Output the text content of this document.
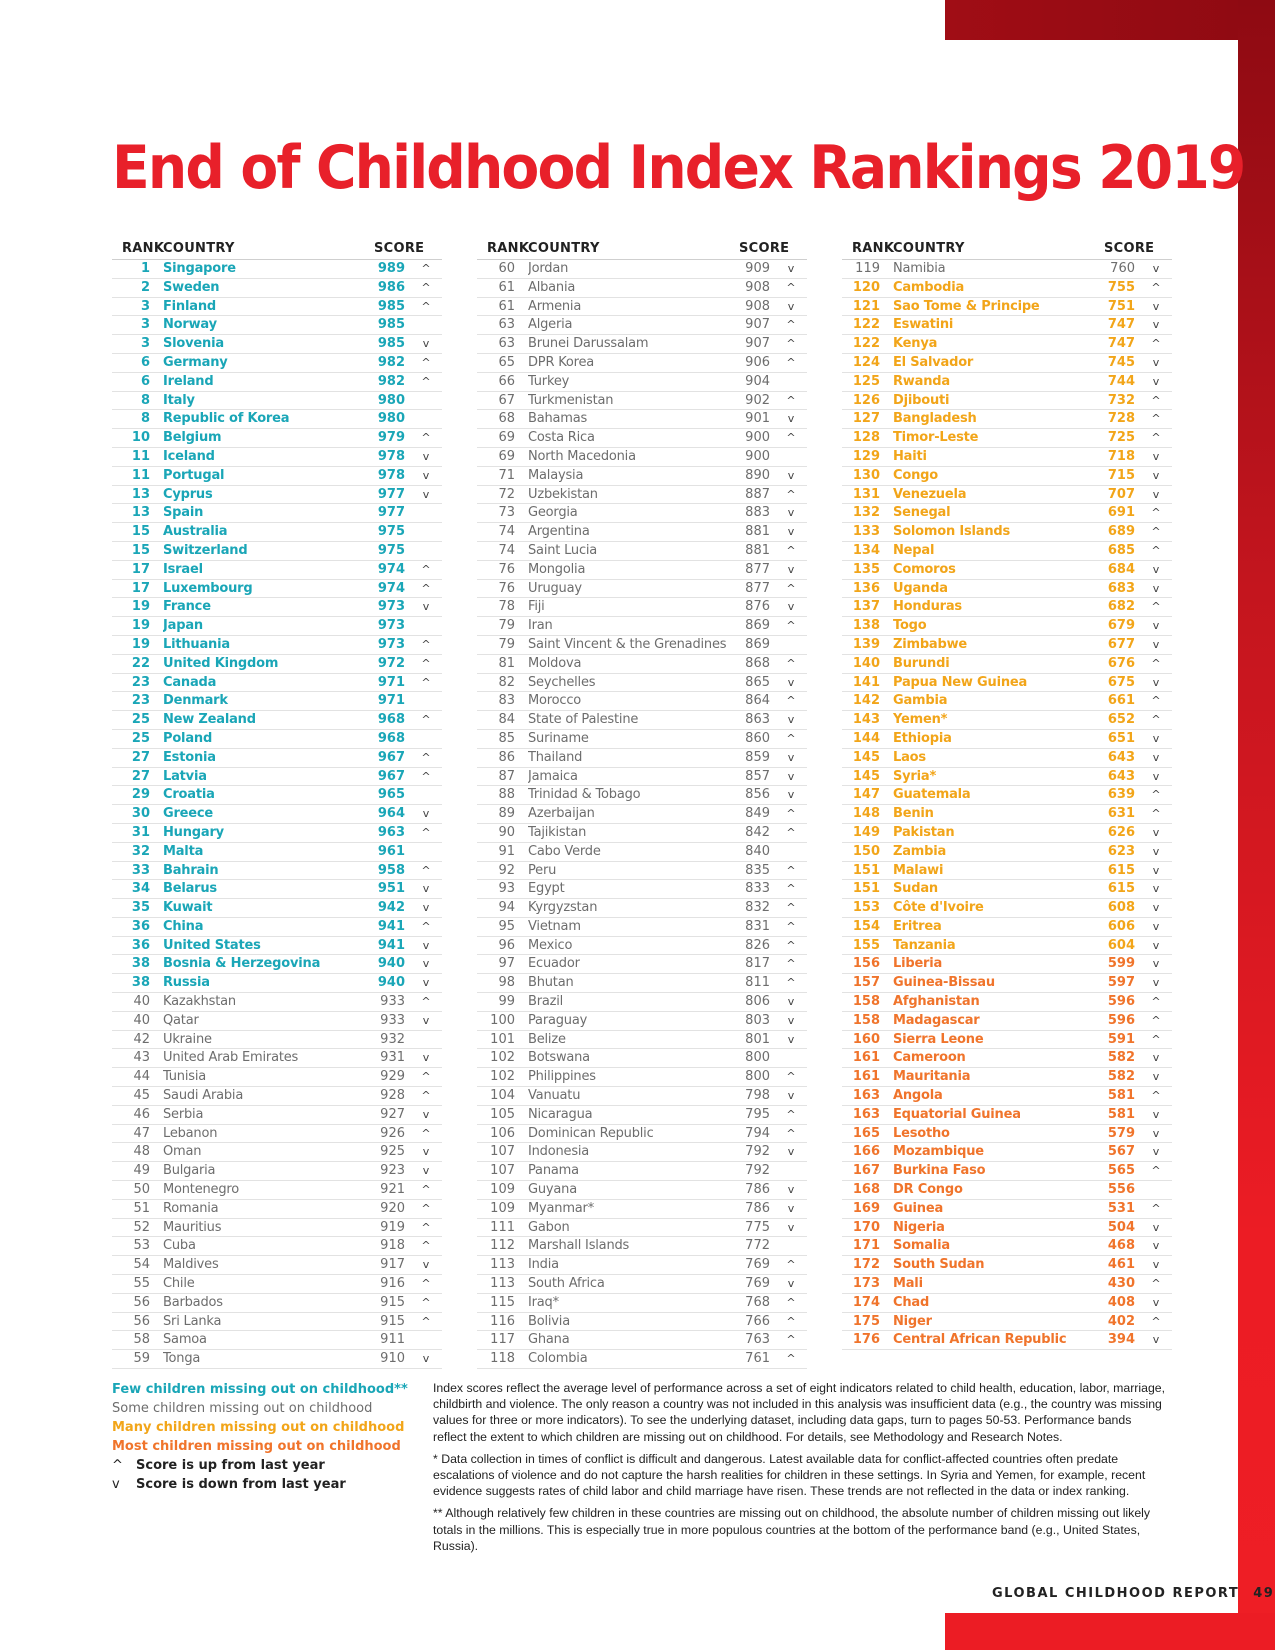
End of Childhood Index Rankings 2019
RANK
COUNTRY	SCORE
1 Singapore	989 ^
2 Sweden	986 ^
3 Finland	985 ^
3 Norway	985
3 Slovenia	985 v
6 Germany	982 ^
6 Ireland	982 ^
8 Italy	980
8 Republic of Korea	980
10 Belgium	979 ^
11 Iceland	978 v
11 Portugal	978 v
13 Cyprus	977 v
13 Spain	977
15 Australia	975
15 Switzerland	975
17 Israel	974 ^
17 Luxembourg	974 ^
19 France	973 v
19 Japan	973
19 Lithuania	973 ^
22 United Kingdom	972 ^
23 Canada	971 ^
23 Denmark	971
25 New Zealand	968 ^
25 Poland	968
27 Estonia	967 ^
27 Latvia	967 ^
29 Croatia	965
30 Greece	964 v
31 Hungary	963 ^
32 Malta	961
33 Bahrain	958 ^
34 Belarus	951 v
35 Kuwait	942 v
36 China	941 ^
36 United States	941 v
38 Bosnia & Herzegovina	940 v
38 Russia	940 v
40 Kazakhstan	933 ^
40 Qatar	933 v
42 Ukraine	932
43 United Arab Emirates	931 v
44 Tunisia	929 ^
45 Saudi Arabia	928 ^
46 Serbia	927 v
47 Lebanon	926 ^
48 Oman	925 v
49 Bulgaria	923 v
50 Montenegro	921 ^
51 Romania	920 ^
52 Mauritius	919 ^
53 Cuba	918 ^
54 Maldives	917 v
55 Chile	916 ^
56 Barbados	915 ^
56 Sri Lanka	915 ^
58 Samoa	911
59 Tonga	910 v
RANK
COUNTRY	SCORE
60 Jordan	909 v
61 Albania	908 ^
61 Armenia	908 v
63 Algeria	907 ^
63 Brunei Darussalam	907 ^
65 DPR Korea	906 ^
66 Turkey	904
67 Turkmenistan	902 ^
68 Bahamas	901 v
69 Costa Rica	900 ^
69 North Macedonia	900
71 Malaysia	890 v
72 Uzbekistan	887 ^
73 Georgia	883 v
74 Argentina	881 v
74 Saint Lucia	881 ^
76 Mongolia	877 v
76 Uruguay	877 ^
78 Fiji	876 v
79 Iran	869 ^
79 Saint Vincent & the Grenadines	869
81 Moldova	868 ^
82 Seychelles	865 v
83 Morocco	864 ^
84 State of Palestine	863 v
85 Suriname	860 ^
86 Thailand	859 v
87 Jamaica	857 v
88 Trinidad & Tobago	856 v
89 Azerbaijan	849 ^
90 Tajikistan	842 ^
91 Cabo Verde	840
92 Peru	835 ^
93 Egypt	833 ^
94 Kyrgyzstan	832 ^
95 Vietnam	831 ^
96 Mexico	826 ^
97 Ecuador	817 ^
98 Bhutan	811 ^
99 Brazil	806 v
100 Paraguay	803 v
101 Belize	801 v
102 Botswana	800
102 Philippines	800 ^
104 Vanuatu	798 v
105 Nicaragua	795 ^
106 Dominican Republic	794 ^
107 Indonesia	792 v
107 Panama	792
109 Guyana	786 v
109 Myanmar*	786 v
111 Gabon	775 v
112 Marshall Islands	772
113 India	769 ^
113 South Africa	769 v
115 Iraq*	768 ^
116 Bolivia	766 ^
117 Ghana	763 ^
118 Colombia	761 ^
RANK
COUNTRY	SCORE
119 Namibia	760 v
120 Cambodia	755 ^
121 Sao Tome & Principe	751 v
122 Eswatini	747 v
122 Kenya	747 ^
124 El Salvador	745 v
125 Rwanda	744 v
126 Djibouti	732 ^
127 Bangladesh	728 ^
128 Timor-Leste	725 ^
129 Haiti	718 v
130 Congo	715 v
131 Venezuela	707 v
132 Senegal	691 ^
133 Solomon Islands	689 ^
134 Nepal	685 ^
135 Comoros	684 v
136 Uganda	683 v
137 Honduras	682 ^
138 Togo	679 v
139 Zimbabwe	677 v
140 Burundi	676 ^
141 Papua New Guinea	675 v
142 Gambia	661 ^
143 Yemen*	652 ^
144 Ethiopia	651 v
145 Laos	643 v
145 Syria*	643 v
147 Guatemala	639 ^
148 Benin	631 ^
149 Pakistan	626 v
150 Zambia	623 v
151 Malawi	615 v
151 Sudan	615 v
153 Côte d'Ivoire	608 v
154 Eritrea	606 v
155 Tanzania	604 v
156 Liberia	599 v
157 Guinea-Bissau	597 v
158 Afghanistan	596 ^
158 Madagascar	596 ^
160 Sierra Leone	591 ^
161 Cameroon	582 v
161 Mauritania	582 v
163 Angola	581 ^
163 Equatorial Guinea	581 v
165 Lesotho	579 v
166 Mozambique	567 v
167 Burkina Faso	565 ^
168 DR Congo	556
169 Guinea	531 ^
170 Nigeria	504 v
171 Somalia	468 v
172 South Sudan	461 v
173 Mali	430 ^
174 Chad	408 v
175 Niger	402 ^
176 Central African Republic	394 v
Few children missing out on childhood**
Some children missing out on childhood
Many children missing out on childhood
Most children missing out on childhood
^ Score is up from last year
v Score is down from last year

Index scores reflect the average level of performance across a set of eight indicators related to child health, education, labor, marriage, childbirth and violence. The only reason a country was not included in this analysis was insufficient data (e.g., the country was missing values for three or more indicators). To see the underlying dataset, including data gaps, turn to pages 50-53. Performance bands reflect the extent to which children are missing out on childhood. For details, see Methodology and Research Notes.

* Data collection in times of conflict is difficult and dangerous. Latest available data for conflict-affected countries often predate escalations of violence and do not capture the harsh realities for children in these settings. In Syria and Yemen, for example, recent evidence suggests rates of child labor and child marriage have risen. These trends are not reflected in the data or index ranking.

** Although relatively few children in these countries are missing out on childhood, the absolute number of children missing out likely totals in the millions. This is especially true in more populous countries at the bottom of the performance band (e.g., United States, Russia).

GLOBAL CHILDHOOD REPORT 49
